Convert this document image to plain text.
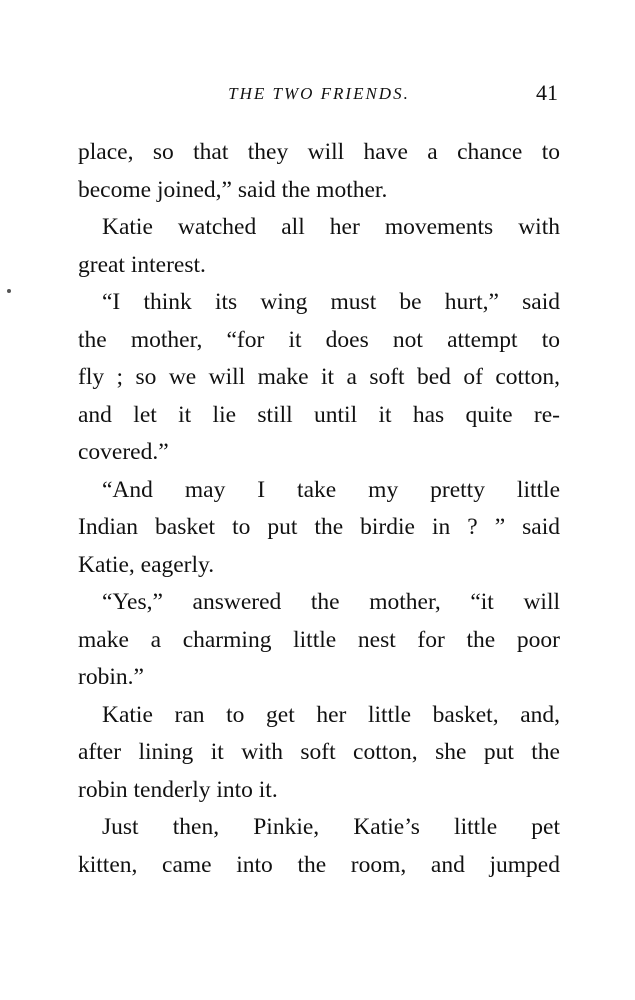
THE TWO FRIENDS.	41
place, so that they will have a chance to
become joined,” said the mother.
Katie watched all her movements with
great interest.
“I think its wing must be hurt,” said
the mother, “for it does not attempt to
fly ; so we will make it a soft bed of cotton,
and let it lie still until it has quite re-
covered.”
“And may I take my pretty little
Indian basket to put the birdie in ? ” said
Katie, eagerly.
“Yes,” answered the mother, “it will
make a charming little nest for the poor
robin.”
Katie ran to get her little basket, and,
after lining it with soft cotton, she put the
robin tenderly into it.
Just then, Pinkie, Katie’s little pet
kitten, came into the room, and jumped
